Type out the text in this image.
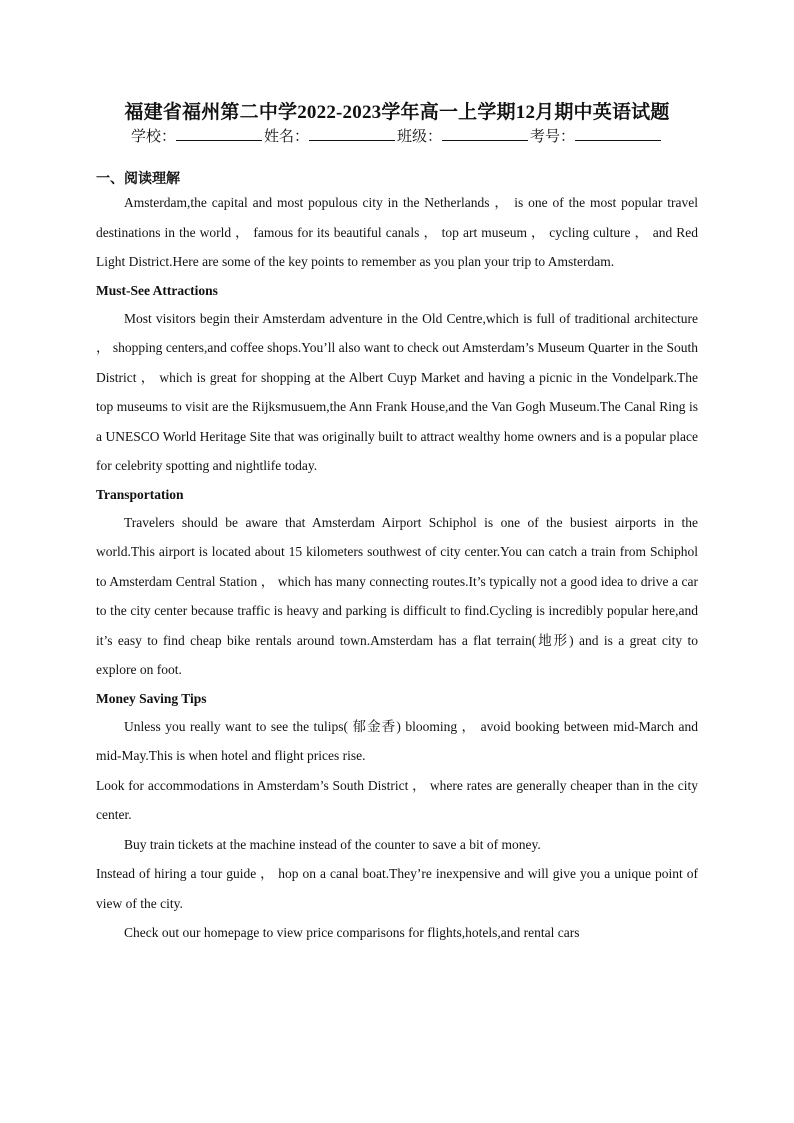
福建省福州第二中学2022-2023学年高一上学期12月期中英语试题
学校：	姓名：	班级：	考号：
一、阅读理解

Amsterdam,the capital and most populous city in the Netherlands ， is one of the most popular travel destinations in the world ， famous for its beautiful canals ， top art museum ， cycling culture ， and Red Light District.Here are some of the key points to remember as you plan your trip to Amsterdam.

Must-See Attractions

Most visitors begin their Amsterdam adventure in the Old Centre,which is full of traditional architecture ， shopping centers,and coffee shops.You’ll also want to check out Amsterdam’s Museum Quarter in the South District ， which is great for shopping at the Albert Cuyp Market and having a picnic in the Vondelpark.The top museums to visit are the Rijksmusuem,the Ann Frank House,and the Van Gogh Museum.The Canal Ring is a UNESCO World Heritage Site that was originally built to attract wealthy home owners and is a popular place for celebrity spotting and nightlife today.

Transportation

Travelers should be aware that Amsterdam Airport Schiphol is one of the busiest airports in the world.This airport is located about 15 kilometers southwest of city center.You can catch a train from Schiphol to Amsterdam Central Station ， which has many connecting routes.It’s typically not a good idea to drive a car to the city center because traffic is heavy and parking is difficult to find.Cycling is incredibly popular here,and it’s easy to find cheap bike rentals around town.Amsterdam has a flat terrain(地形) and is a great city to explore on foot.

Money Saving Tips

Unless you really want to see the tulips( 郁金香) blooming ， avoid booking between mid-March and mid-May.This is when hotel and flight prices rise.

Look for accommodations in Amsterdam’s South District ， where rates are generally cheaper than in the city center.

Buy train tickets at the machine instead of the counter to save a bit of money.

Instead of hiring a tour guide ， hop on a canal boat.They’re inexpensive and will give you a unique point of view of the city.

Check out our homepage to view price comparisons for flights,hotels,and rental cars
